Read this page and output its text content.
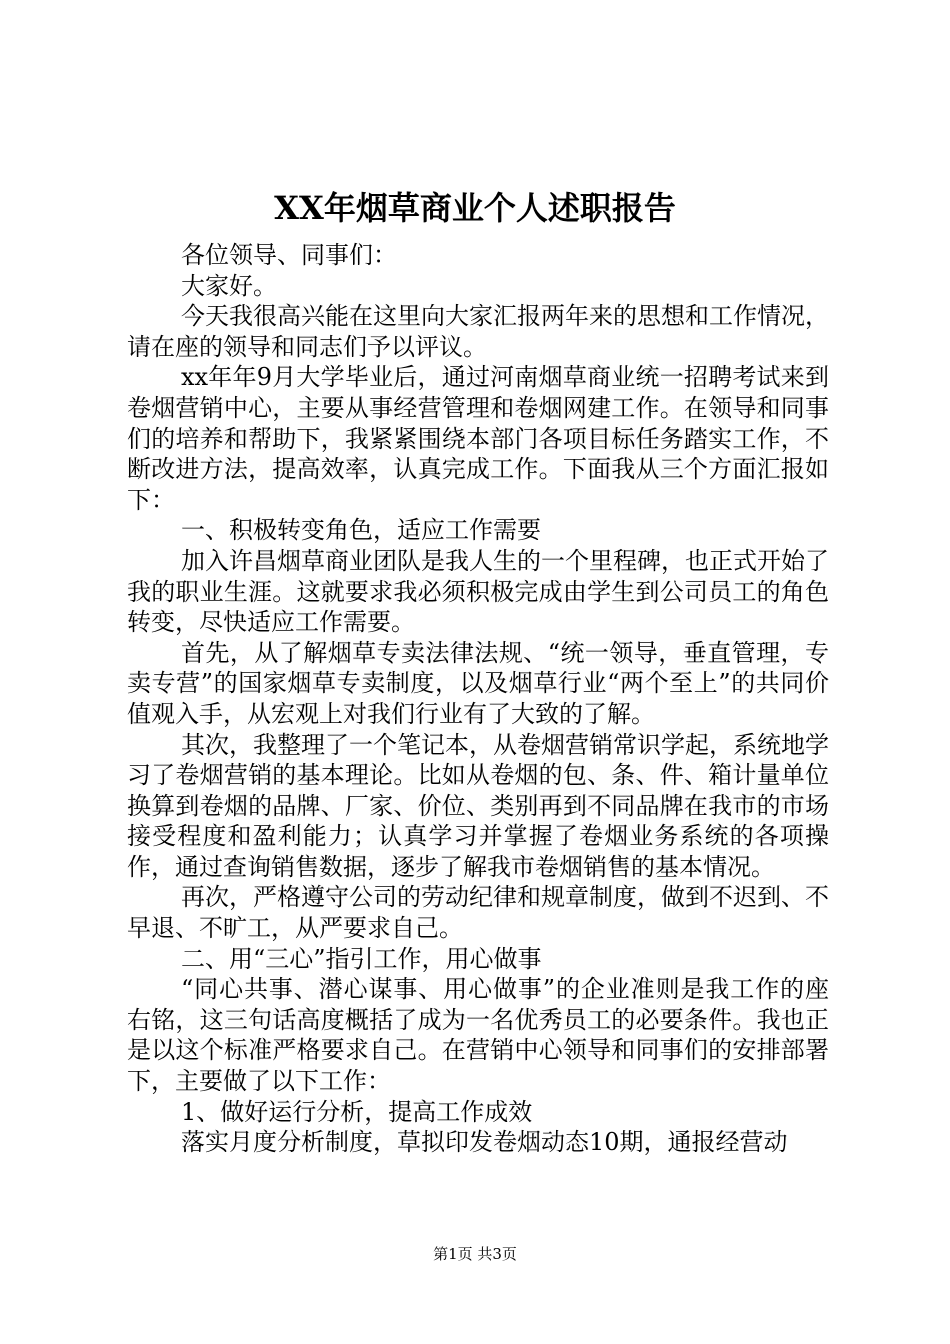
XX年烟草商业个人述职报告

各位领导、同事们：

大家好。

今天我很高兴能在这里向大家汇报两年来的思想和工作情况，请在座的领导和同志们予以评议。

xx年年9月大学毕业后，通过河南烟草商业统一招聘考试来到卷烟营销中心，主要从事经营管理和卷烟网建工作。在领导和同事们的培养和帮助下，我紧紧围绕本部门各项目标任务踏实工作，不断改进方法，提高效率，认真完成工作。下面我从三个方面汇报如下：

一、积极转变角色，适应工作需要

加入许昌烟草商业团队是我人生的一个里程碑，也正式开始了我的职业生涯。这就要求我必须积极完成由学生到公司员工的角色转变，尽快适应工作需要。

首先，从了解烟草专卖法律法规、“统一领导，垂直管理，专卖专营”的国家烟草专卖制度，以及烟草行业“两个至上”的共同价值观入手，从宏观上对我们行业有了大致的了解。

其次，我整理了一个笔记本，从卷烟营销常识学起，系统地学习了卷烟营销的基本理论。比如从卷烟的包、条、件、箱计量单位换算到卷烟的品牌、厂家、价位、类别再到不同品牌在我市的市场接受程度和盈利能力；认真学习并掌握了卷烟业务系统的各项操作，通过查询销售数据，逐步了解我市卷烟销售的基本情况。

再次，严格遵守公司的劳动纪律和规章制度，做到不迟到、不早退、不旷工，从严要求自己。

二、用“三心”指引工作，用心做事

“同心共事、潜心谋事、用心做事”的企业准则是我工作的座右铭，这三句话高度概括了成为一名优秀员工的必要条件。我也正是以这个标准严格要求自己。在营销中心领导和同事们的安排部署下，主要做了以下工作：

1、做好运行分析，提高工作成效

落实月度分析制度，草拟印发卷烟动态10期，通报经营动

第1页 共3页
